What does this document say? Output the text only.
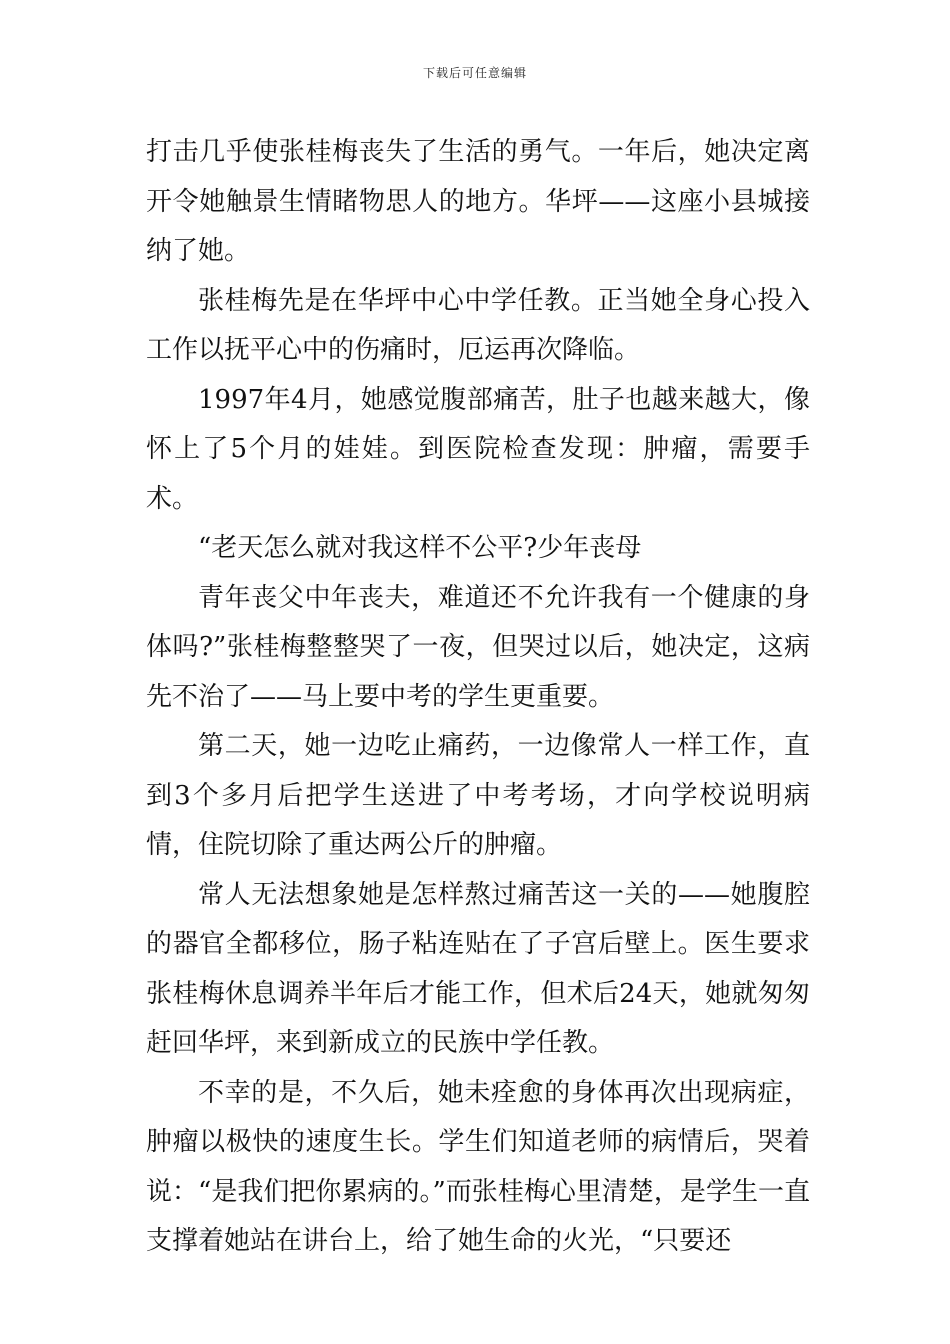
下载后可任意编辑

打击几乎使张桂梅丧失了生活的勇气。一年后，她决定离开令她触景生情睹物思人的地方。华坪——这座小县城接纳了她。

张桂梅先是在华坪中心中学任教。正当她全身心投入工作以抚平心中的伤痛时，厄运再次降临。

1997年4月，她感觉腹部痛苦，肚子也越来越大，像怀上了5个月的娃娃。到医院检查发现：肿瘤，需要手术。

“老天怎么就对我这样不公平?少年丧母

青年丧父中年丧夫，难道还不允许我有一个健康的身体吗?”张桂梅整整哭了一夜，但哭过以后，她决定，这病先不治了——马上要中考的学生更重要。

第二天，她一边吃止痛药，一边像常人一样工作，直到3个多月后把学生送进了中考考场，才向学校说明病情，住院切除了重达两公斤的肿瘤。

常人无法想象她是怎样熬过痛苦这一关的——她腹腔的器官全都移位，肠子粘连贴在了子宫后壁上。医生要求张桂梅休息调养半年后才能工作，但术后24天，她就匆匆赶回华坪，来到新成立的民族中学任教。

不幸的是，不久后，她未痊愈的身体再次出现病症，肿瘤以极快的速度生长。学生们知道老师的病情后，哭着说：“是我们把你累病的。”而张桂梅心里清楚，是学生一直支撑着她站在讲台上，给了她生命的火光，“只要还
